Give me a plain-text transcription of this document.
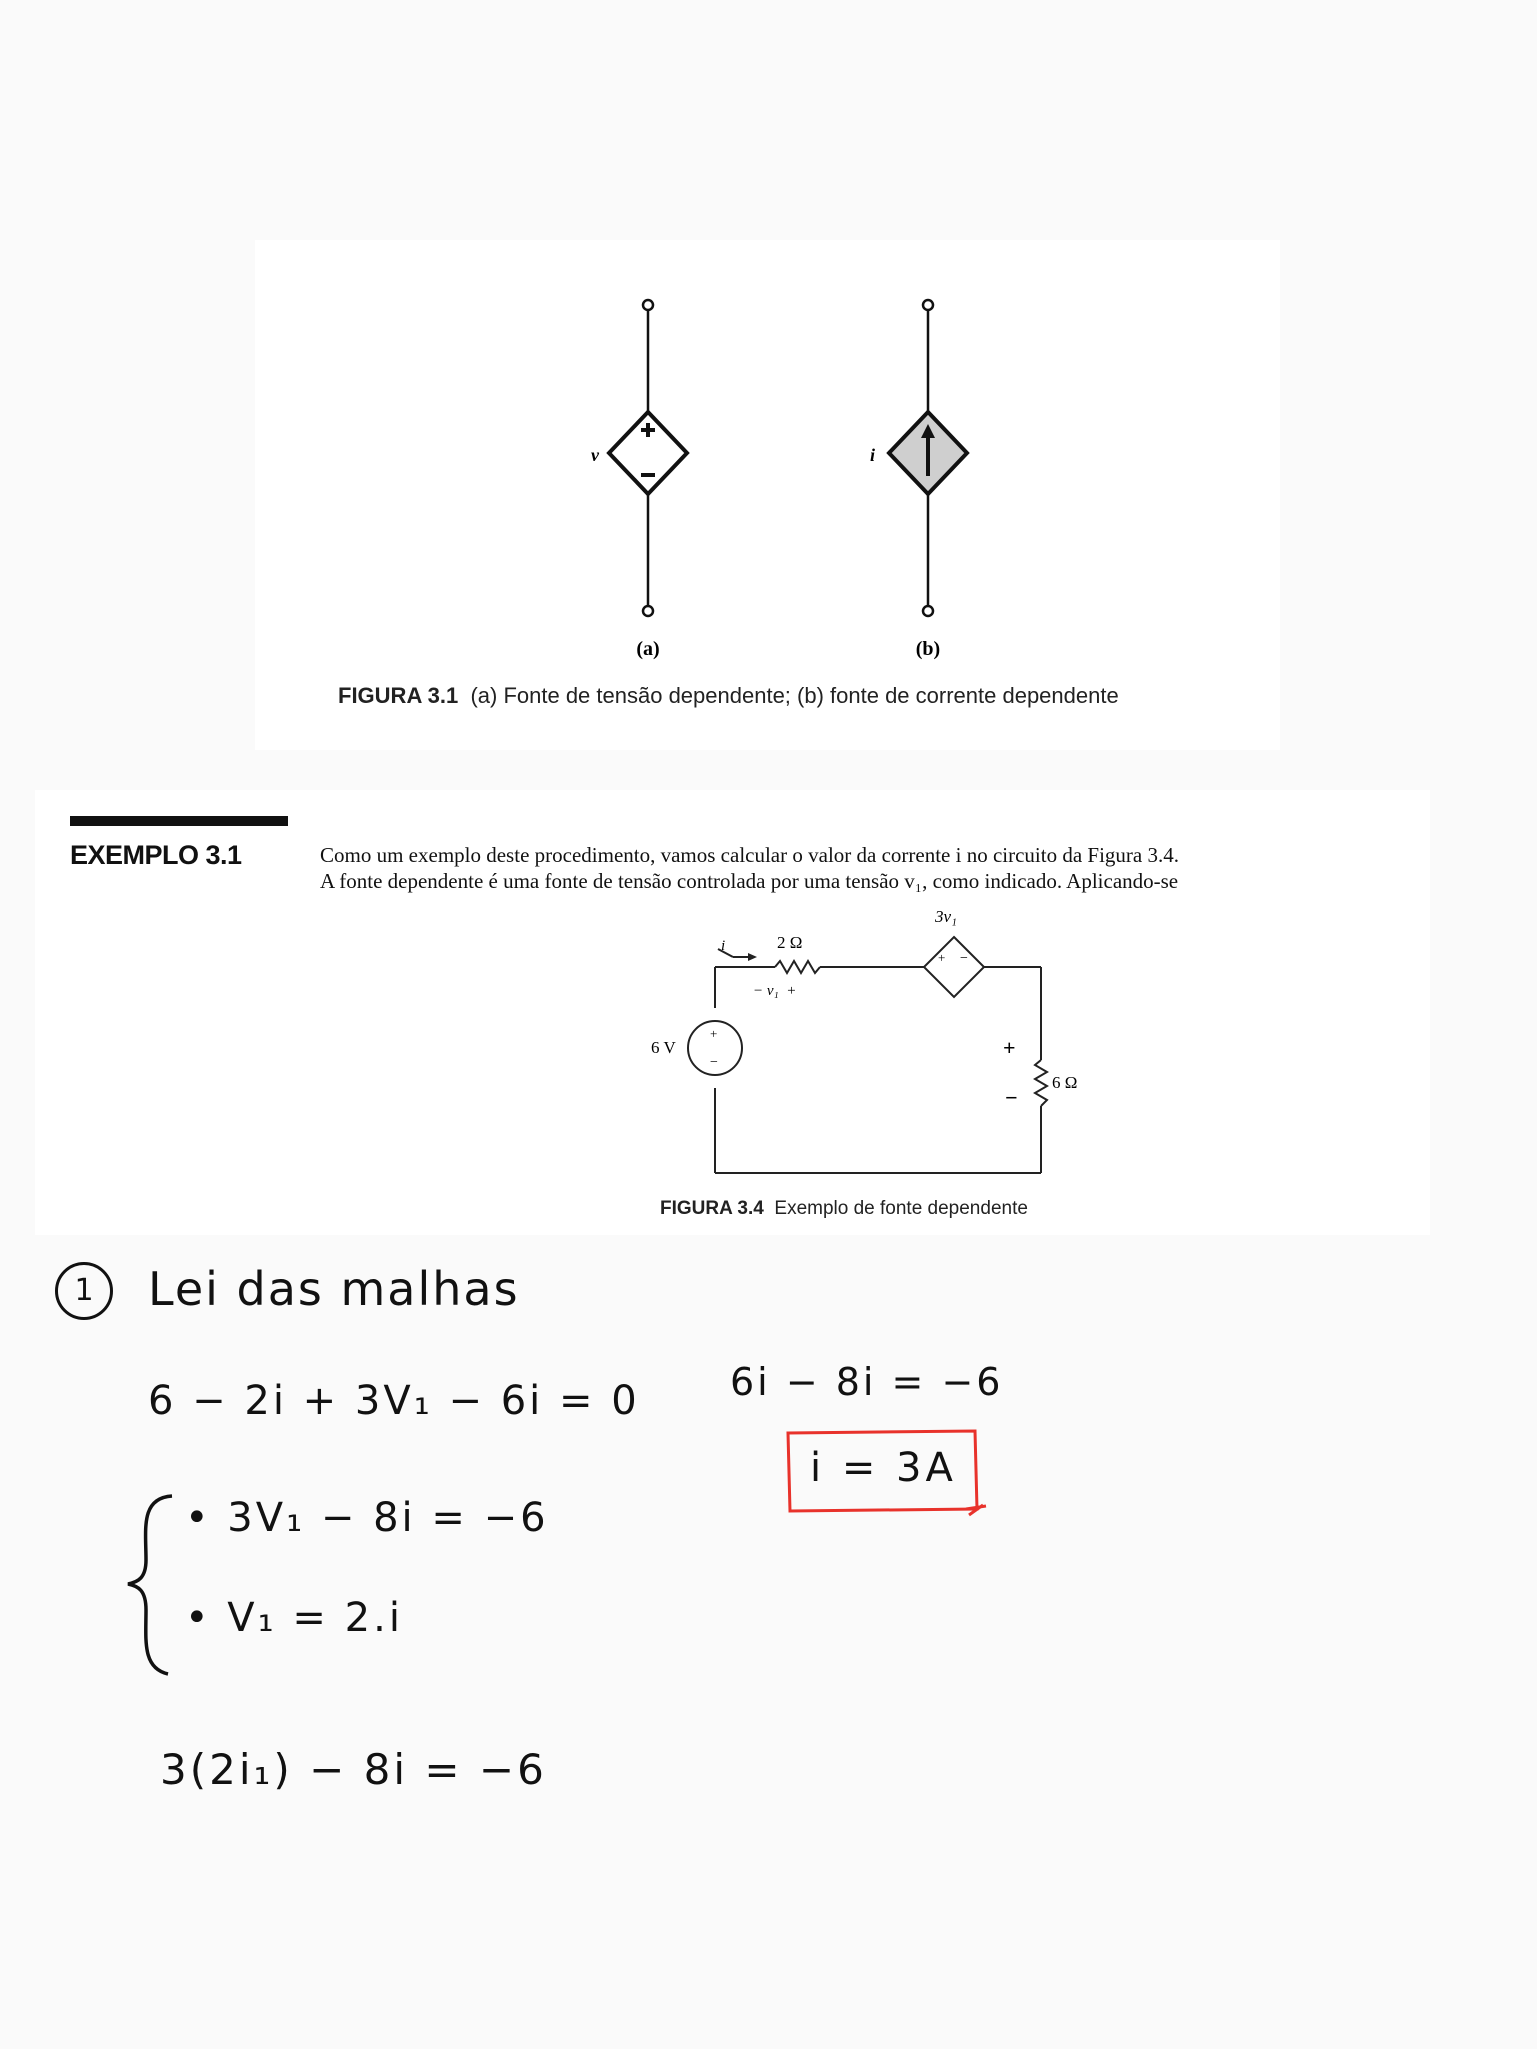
v	i
(a)	(b)
FIGURA 3.1 (a) Fonte de tensão dependente; (b) fonte de corrente dependente
EXEMPLO 3.1	Como um exemplo deste procedimento, vamos calcular o valor da corrente i no circuito da Figura 3.4.

A fonte dependente é uma fonte de tensão controlada por uma tensão v₁, como indicado. Aplicando-se

i	2 Ω
− v₁  +
+ −
3v₁
+
−
6 V	+
−
6 Ω
FIGURA 3.4 Exemplo de fonte dependente
1	Lei das malhas
6 − 2i + 3V₁ − 6i = 0
• 3V₁ − 8i = −6
• V₁ = 2.i
3(2i₁) − 8i = −6
6i − 8i = −6
i = 3A
